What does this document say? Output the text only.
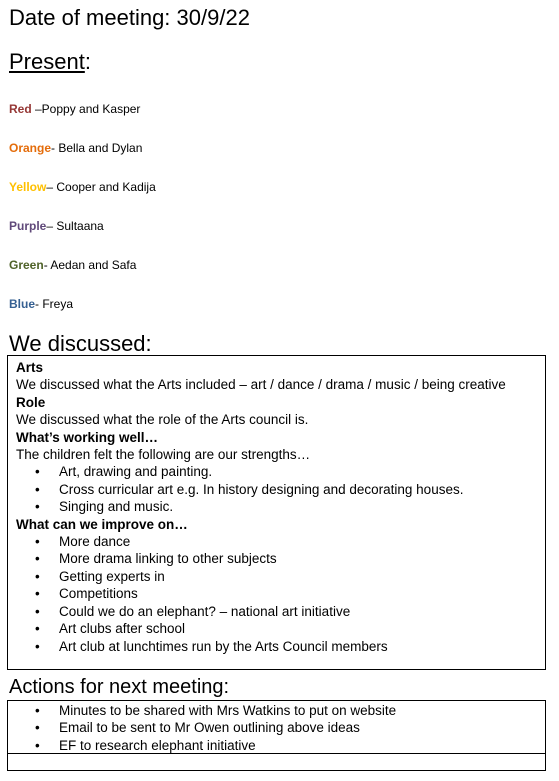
Date of meeting: 30/9/22
Present:
Red –Poppy and Kasper
Orange- Bella and Dylan
Yellow– Cooper and Kadija
Purple– Sultaana
Green- Aedan and Safa
Blue- Freya
We discussed:

Arts

We discussed what the Arts included – art / dance / drama / music / being creative

Role

We discussed what the role of the Arts council is.

What’s working well…

The children felt the following are our strengths…

• Art, drawing and painting.
• Cross curricular art e.g. In history designing and decorating houses.
• Singing and music.

What can we improve on…

• More dance
• More drama linking to other subjects
• Getting experts in
• Competitions
• Could we do an elephant? – national art initiative
• Art clubs after school
• Art club at lunchtimes run by the Arts Council members
Actions for next meeting:
• Minutes to be shared with Mrs Watkins to put on website
• Email to be sent to Mr Owen outlining above ideas
• EF to research elephant initiative
